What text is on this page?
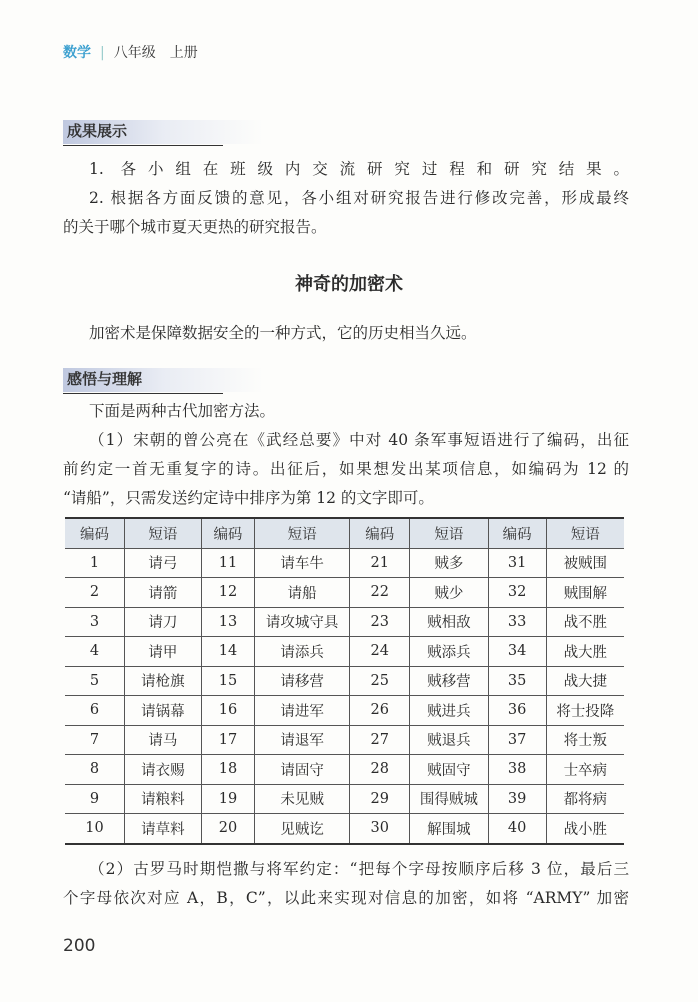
数学 | 八年级　上册
成果展示
1. 各小组在班级内交流研究过程和研究结果。
2. 根据各方面反馈的意见，各小组对研究报告进行修改完善，形成最终
的关于哪个城市夏天更热的研究报告。
神奇的加密术
加密术是保障数据安全的一种方式，它的历史相当久远。
感悟与理解
下面是两种古代加密方法。
（1）宋朝的曾公亮在《武经总要》中对 40 条军事短语进行了编码，出征
前约定一首无重复字的诗。出征后，如果想发出某项信息，如编码为 12 的
“请船”，只需发送约定诗中排序为第 12 的文字即可。
编码	短语	编码	短语	编码	短语	编码	短语
1	请弓	11	请车牛	21	贼多	31	被贼围
2	请箭	12	请船	22	贼少	32	贼围解
3	请刀	13	请攻城守具	23	贼相敌	33	战不胜
4	请甲	14	请添兵	24	贼添兵	34	战大胜
5	请枪旗	15	请移营	25	贼移营	35	战大捷
6	请锅幕	16	请进军	26	贼进兵	36	将士投降
7	请马	17	请退军	27	贼退兵	37	将士叛
8	请衣赐	18	请固守	28	贼固守	38	士卒病
9	请粮料	19	未见贼	29	围得贼城	39	都将病
10	请草料	20	见贼讫	30	解围城	40	战小胜
（2）古罗马时期恺撒与将军约定：“把每个字母按顺序后移 3 位，最后三
个字母依次对应 A，B，C”，以此来实现对信息的加密，如将 “ARMY” 加密
200
